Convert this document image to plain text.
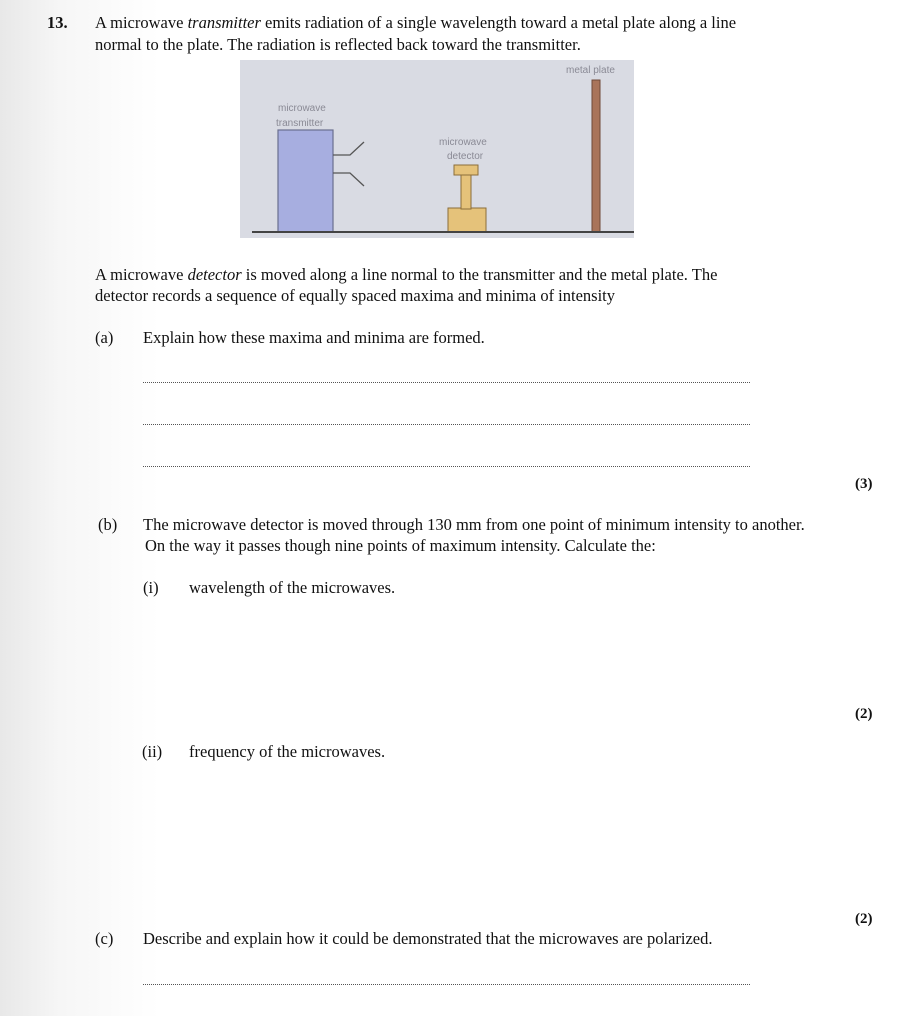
13. A microwave transmitter emits radiation of a single wavelength toward a metal plate along a line
normal to the plate. The radiation is reflected back toward the transmitter.
metal plate
microwave
transmitter
microwave
detector
A microwave detector is moved along a line normal to the transmitter and the metal plate. The
detector records a sequence of equally spaced maxima and minima of intensity
(a) Explain how these maxima and minima are formed.
(3)
(b) The microwave detector is moved through 130 mm from one point of minimum intensity to another.
On the way it passes though nine points of maximum intensity. Calculate the:
(i) wavelength of the microwaves.
(2)
(ii) frequency of the microwaves.
(2)
(c) Describe and explain how it could be demonstrated that the microwaves are polarized.
